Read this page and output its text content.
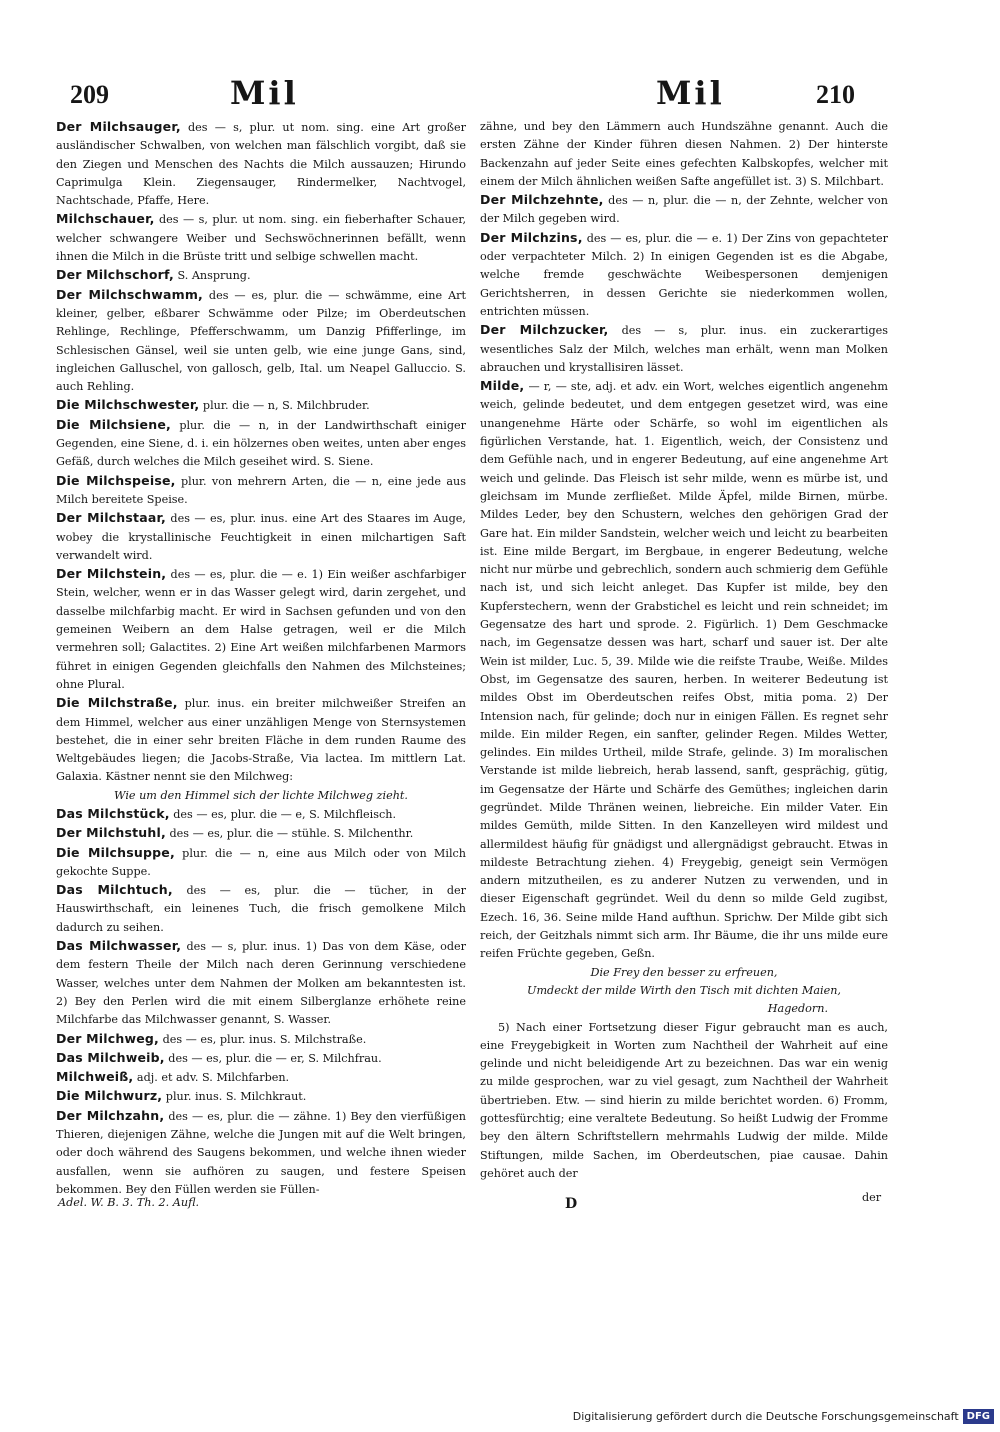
209	Mil	Mil	210

Der Milchsauger, des — s, plur. ut nom. sing. eine Art großer ausländischer Schwalben, von welchen man fälschlich vorgibt, daß sie den Ziegen und Menschen des Nachts die Milch aussauzen; Hirundo Caprimulga Klein. Ziegensauger, Rindermelker, Nachtvogel, Nachtschade, Pfaffe, Here.

Milchschauer, des — s, plur. ut nom. sing. ein fieberhafter Schauer, welcher schwangere Weiber und Sechswöchnerinnen befällt, wenn ihnen die Milch in die Brüste tritt und selbige schwellen macht.

Der Milchschorf, S. Ansprung.

Der Milchschwamm, des — es, plur. die — schwämme, eine Art kleiner, gelber, eßbarer Schwämme oder Pilze; im Oberdeutschen Rehlinge, Rechlinge, Pfefferschwamm, um Danzig Pfifferlinge, im Schlesischen Gänsel, weil sie unten gelb, wie eine junge Gans, sind, ingleichen Galluschel, von gallosch, gelb, Ital. um Neapel Galluccio. S. auch Rehling.

Die Milchschwester, plur. die — n, S. Milchbruder.

Die Milchsiene, plur. die — n, in der Landwirthschaft einiger Gegenden, eine Siene, d. i. ein hölzernes oben weites, unten aber enges Gefäß, durch welches die Milch geseihet wird. S. Siene.

Die Milchspeise, plur. von mehrern Arten, die — n, eine jede aus Milch bereitete Speise.

Der Milchstaar, des — es, plur. inus. eine Art des Staares im Auge, wobey die krystallinische Feuchtigkeit in einen milchartigen Saft verwandelt wird.

Der Milchstein, des — es, plur. die — e. 1) Ein weißer aschfarbiger Stein, welcher, wenn er in das Wasser gelegt wird, darin zergehet, und dasselbe milchfarbig macht. Er wird in Sachsen gefunden und von den gemeinen Weibern an dem Halse getragen, weil er die Milch vermehren soll; Galactites. 2) Eine Art weißen milchfarbenen Marmors führet in einigen Gegenden gleichfalls den Nahmen des Milchsteines; ohne Plural.

Die Milchstraße, plur. inus. ein breiter milchweißer Streifen an dem Himmel, welcher aus einer unzähligen Menge von Sternsystemen bestehet, die in einer sehr breiten Fläche in dem runden Raume des Weltgebäudes liegen; die Jacobs-Straße, Via lactea. Im mittlern Lat. Galaxia. Kästner nennt sie den Milchweg:

Wie um den Himmel sich der lichte Milchweg zieht.

Das Milchstück, des — es, plur. die — e, S. Milchfleisch.

Der Milchstuhl, des — es, plur. die — stühle. S. Milchenthr.

Die Milchsuppe, plur. die — n, eine aus Milch oder von Milch gekochte Suppe.

Das Milchtuch, des — es, plur. die — tücher, in der Hauswirthschaft, ein leinenes Tuch, die frisch gemolkene Milch dadurch zu seihen.

Das Milchwasser, des — s, plur. inus. 1) Das von dem Käse, oder dem festern Theile der Milch nach deren Gerinnung verschiedene Wasser, welches unter dem Nahmen der Molken am bekanntesten ist. 2) Bey den Perlen wird die mit einem Silberglanze erhöhete reine Milchfarbe das Milchwasser genannt, S. Wasser.

Der Milchweg, des — es, plur. inus. S. Milchstraße.

Das Milchweib, des — es, plur. die — er, S. Milchfrau.

Milchweiß, adj. et adv. S. Milchfarben.

Die Milchwurz, plur. inus. S. Milchkraut.

Der Milchzahn, des — es, plur. die — zähne. 1) Bey den vierfüßigen Thieren, diejenigen Zähne, welche die Jungen mit auf die Welt bringen, oder doch während des Saugens bekommen, und welche ihnen wieder ausfallen, wenn sie aufhören zu saugen, und festere Speisen bekommen. Bey den Füllen werden sie Füllen-

zähne, und bey den Lämmern auch Hundszähne genannt. Auch die ersten Zähne der Kinder führen diesen Nahmen. 2) Der hinterste Backenzahn auf jeder Seite eines gefechten Kalbskopfes, welcher mit einem der Milch ähnlichen weißen Safte angefüllet ist. 3) S. Milchbart.

Der Milchzehnte, des — n, plur. die — n, der Zehnte, welcher von der Milch gegeben wird.

Der Milchzins, des — es, plur. die — e. 1) Der Zins von gepachteter oder verpachteter Milch. 2) In einigen Gegenden ist es die Abgabe, welche fremde geschwächte Weibespersonen demjenigen Gerichtsherren, in dessen Gerichte sie niederkommen wollen, entrichten müssen.

Der Milchzucker, des — s, plur. inus. ein zuckerartiges wesentliches Salz der Milch, welches man erhält, wenn man Molken abrauchen und krystallisiren lässet.

Milde, — r, — ste, adj. et adv. ein Wort, welches eigentlich angenehm weich, gelinde bedeutet, und dem entgegen gesetzet wird, was eine unangenehme Härte oder Schärfe, so wohl im eigentlichen als figürlichen Verstande, hat. 1. Eigentlich, weich, der Consistenz und dem Gefühle nach, und in engerer Bedeutung, auf eine angenehme Art weich und gelinde. Das Fleisch ist sehr milde, wenn es mürbe ist, und gleichsam im Munde zerfließet. Milde Äpfel, milde Birnen, mürbe. Mildes Leder, bey den Schustern, welches den gehörigen Grad der Gare hat. Ein milder Sandstein, welcher weich und leicht zu bearbeiten ist. Eine milde Bergart, im Bergbaue, in engerer Bedeutung, welche nicht nur mürbe und gebrechlich, sondern auch schmierig dem Gefühle nach ist, und sich leicht anleget. Das Kupfer ist milde, bey den Kupferstechern, wenn der Grabstichel es leicht und rein schneidet; im Gegensatze des hart und sprode. 2. Figürlich. 1) Dem Geschmacke nach, im Gegensatze dessen was hart, scharf und sauer ist. Der alte Wein ist milder, Luc. 5, 39. Milde wie die reifste Traube, Weiße. Mildes Obst, im Gegensatze des sauren, herben. In weiterer Bedeutung ist mildes Obst im Oberdeutschen reifes Obst, mitia poma. 2) Der Intension nach, für gelinde; doch nur in einigen Fällen. Es regnet sehr milde. Ein milder Regen, ein sanfter, gelinder Regen. Mildes Wetter, gelindes. Ein mildes Urtheil, milde Strafe, gelinde. 3) Im moralischen Verstande ist milde liebreich, herab lassend, sanft, gesprächig, gütig, im Gegensatze der Härte und Schärfe des Gemüthes; ingleichen darin gegründet. Milde Thränen weinen, liebreiche. Ein milder Vater. Ein mildes Gemüth, milde Sitten. In den Kanzelleyen wird mildest und allermildest häufig für gnädigst und allergnädigst gebraucht. Etwas in mildeste Betrachtung ziehen. 4) Freygebig, geneigt sein Vermögen andern mitzutheilen, es zu anderer Nutzen zu verwenden, und in dieser Eigenschaft gegründet. Weil du denn so milde Geld zugibst, Ezech. 16, 36. Seine milde Hand aufthun. Sprichw. Der Milde gibt sich reich, der Geitzhals nimmt sich arm. Ihr Bäume, die ihr uns milde eure reifen Früchte gegeben, Geßn.

Die Frey den besser zu erfreuen,

Umdeckt der milde Wirth den Tisch mit dichten Maien,

Hagedorn.

5) Nach einer Fortsetzung dieser Figur gebraucht man es auch, eine Freygebigkeit in Worten zum Nachtheil der Wahrheit auf eine gelinde und nicht beleidigende Art zu bezeichnen. Das war ein wenig zu milde gesprochen, war zu viel gesagt, zum Nachtheil der Wahrheit übertrieben. Etw. — sind hierin zu milde berichtet worden. 6) Fromm, gottesfürchtig; eine veraltete Bedeutung. So heißt Ludwig der Fromme bey den ältern Schriftstellern mehrmahls Ludwig der milde. Milde Stiftungen, milde Sachen, im Oberdeutschen, piae causae. Dahin gehöret auch der

Adel. W. B. 3. Th. 2. Aufl.	D	der
Digitalisierung gefördert durch die Deutsche Forschungsgemeinschaft DFG
